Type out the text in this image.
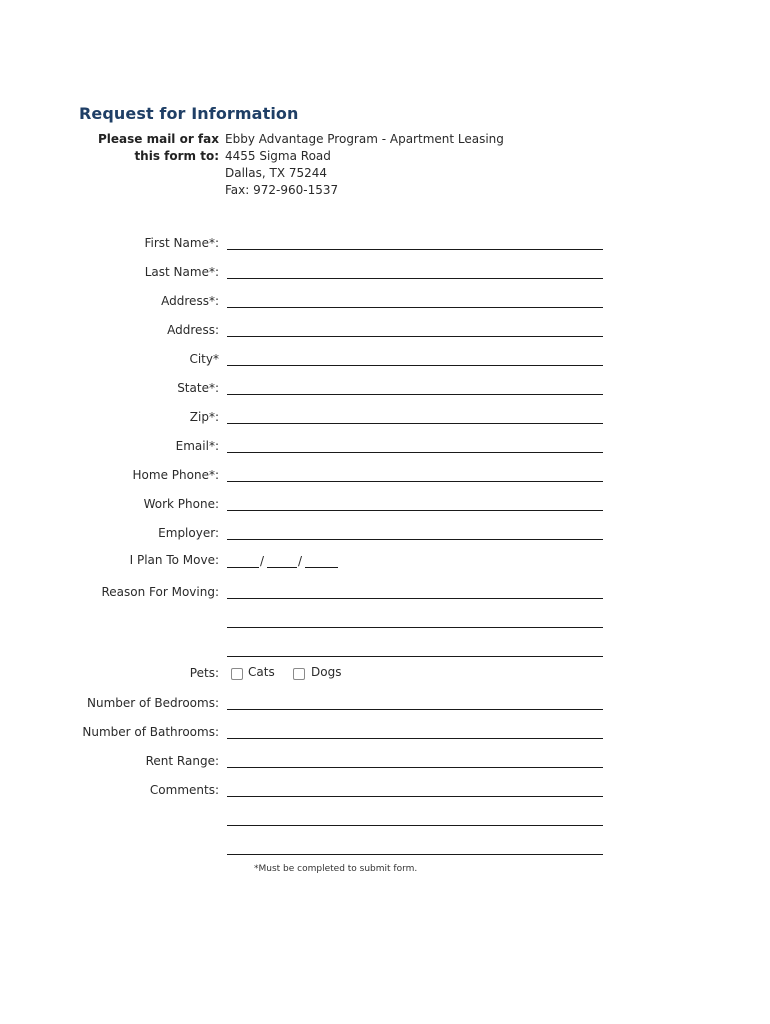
Request for Information
Please mail or fax
this form to:
Ebby Advantage Program - Apartment Leasing
4455 Sigma Road
Dallas, TX 75244
Fax: 972-960-1537
First Name*:
Last Name*:
Address*:
Address:
City*
State*:
Zip*:
Email*:
Home Phone*:
Work Phone:
Employer:
I Plan To Move:	/	/
Reason For Moving:
Pets: Cats	Dogs
Number of Bedrooms:
Number of Bathrooms:
Rent Range:
Comments:
*Must be completed to submit form.
